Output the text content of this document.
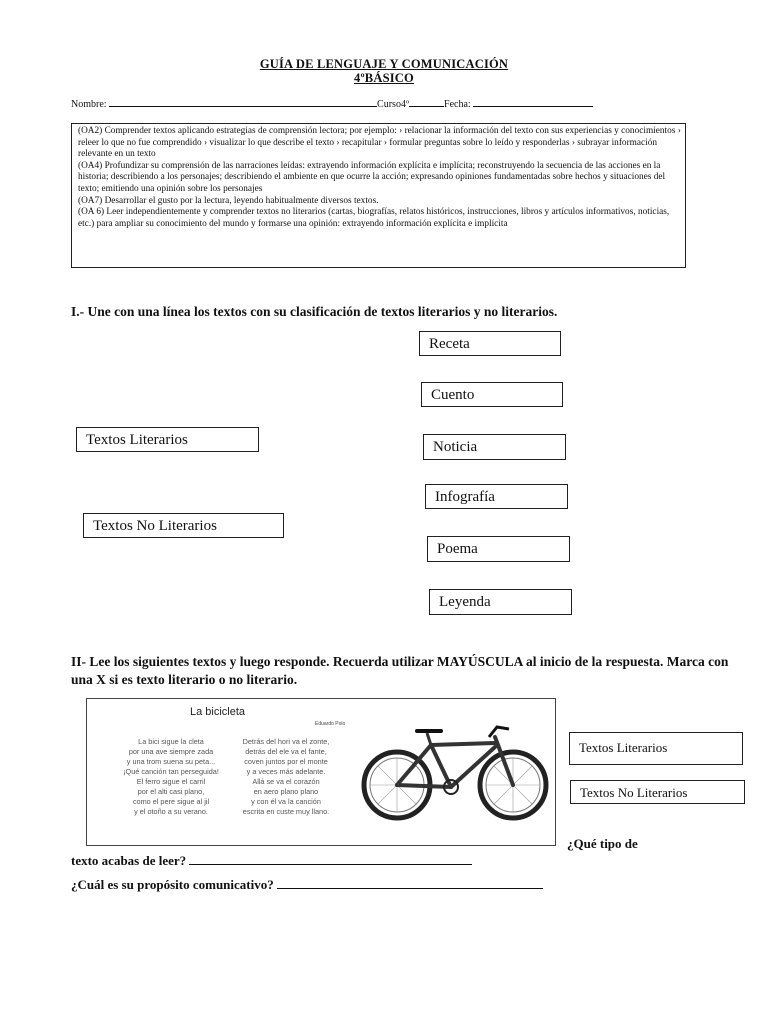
GUÍA DE LENGUAJE Y COMUNICACIÓN
4ºBÁSICO
Nombre:	Curso4º	Fecha:

(OA2) Comprender textos aplicando estrategias de comprensión lectora; por ejemplo: › relacionar la información del texto con sus experiencias y conocimientos › releer lo que no fue comprendido › visualizar lo que describe el texto › recapitular › formular preguntas sobre lo leído y responderlas › subrayar información relevante en un texto

(OA4) Profundizar su comprensión de las narraciones leídas: extrayendo información explícita e implícita; reconstruyendo la secuencia de las acciones en la historia; describiendo a los personajes; describiendo el ambiente en que ocurre la acción; expresando opiniones fundamentadas sobre hechos y situaciones del texto; emitiendo una opinión sobre los personajes

(OA7) Desarrollar el gusto por la lectura, leyendo habitualmente diversos textos.

(OA 6) Leer independientemente y comprender textos no literarios (cartas, biografías, relatos históricos, instrucciones, libros y artículos informativos, noticias, etc.) para ampliar su conocimiento del mundo y formarse una opinión: extrayendo información explícita e implícita

I.- Une con una línea los textos con su clasificación de textos literarios y no literarios.
Receta
Cuento
Textos Literarios	Noticia
Infografía
Textos No Literarios
Poema
Leyenda
II- Lee los siguientes textos y luego responde. Recuerda utilizar MAYÚSCULA al inicio de la respuesta. Marca con una X si es texto literario o no literario.
La bicicleta
Eduardo Polo
La bici sigue la cleta
por una ave siempre zada
y una trom suena su peta...
¡Qué canción tan perseguida!
El ferro sigue el carril
por el alti casi plano,
como el pere sigue al jil
y el otoño a su verano.
Detrás del hori va el zonte,
detrás del ele va el fante,
coven juntos por el monte
y a veces más adelante.
Allá se va el corazón
en aero plano plano
y con él va la canción
escrita en custe muy llano.
Textos Literarios
Textos No Literarios
¿Qué tipo de
texto acabas de leer?
¿Cuál es su propósito comunicativo?
